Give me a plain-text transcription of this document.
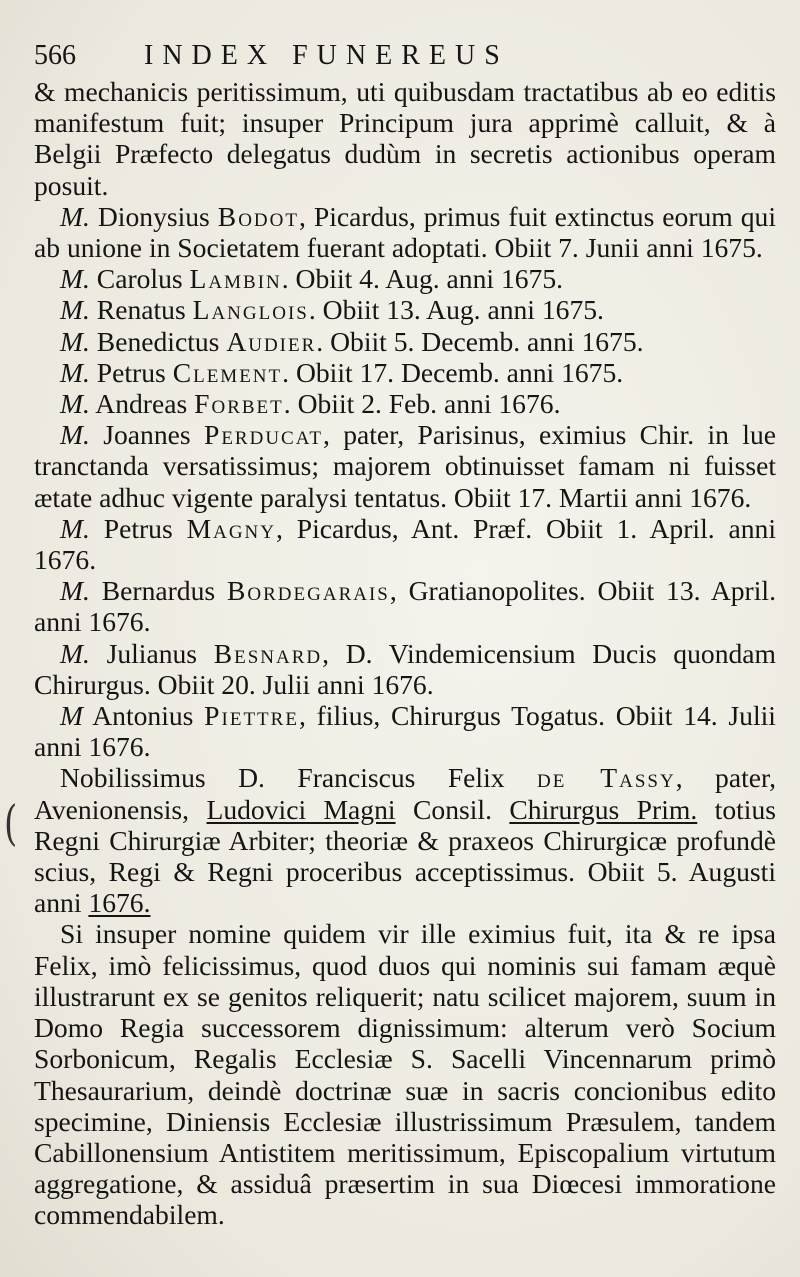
(
566	INDEX FUNEREUS

& mechanicis peritissimum, uti quibusdam tractatibus ab eo editis manifestum fuit; insuper Principum jura apprimè calluit, & à Belgii Præfecto delegatus dudùm in secretis actionibus operam posuit.

M. Dionysius Bodot, Picardus, primus fuit extinctus eorum qui ab unione in Societatem fuerant adoptati. Obiit 7. Junii anni 1675.

M. Carolus Lambin. Obiit 4. Aug. anni 1675.

M. Renatus Langlois. Obiit 13. Aug. anni 1675.

M. Benedictus Audier. Obiit 5. Decemb. anni 1675.

M. Petrus Clement. Obiit 17. Decemb. anni 1675.

M. Andreas Forbet. Obiit 2. Feb. anni 1676.

M. Joannes Perducat, pater, Parisinus, eximius Chir. in lue tranctanda versatissimus; majorem obtinuisset famam ni fuisset ætate adhuc vigente paralysi tentatus. Obiit 17. Martii anni 1676.

M. Petrus Magny, Picardus, Ant. Præf. Obiit 1. April. anni 1676.

M. Bernardus Bordegarais, Gratianopolites. Obiit 13. April. anni 1676.

M. Julianus Besnard, D. Vindemicensium Ducis quondam Chirurgus. Obiit 20. Julii anni 1676.

M Antonius Piettre, filius, Chirurgus Togatus. Obiit 14. Julii anni 1676.

Nobilissimus D. Franciscus Felix de Tassy, pater, Avenionensis, Ludovici Magni Consil. Chirurgus Prim. totius Regni Chirurgiæ Arbiter; theoriæ & praxeos Chirurgicæ profundè scius, Regi & Regni proceribus acceptissimus. Obiit 5. Augusti anni 1676.

Si insuper nomine quidem vir ille eximius fuit, ita & re ipsa Felix, imò felicissimus, quod duos qui nominis sui famam æquè illustrarunt ex se genitos reliquerit; natu scilicet majorem, suum in Domo Regia successorem dignissimum: alterum verò Socium Sorbonicum, Regalis Ecclesiæ S. Sacelli Vincennarum primò Thesaurarium, deindè doctrinæ suæ in sacris concionibus edito specimine, Diniensis Ecclesiæ illustrissimum Præsulem, tandem Cabillonensium Antistitem meritissimum, Episcopalium virtutum aggregatione, & assiduâ præsertim in sua Diœcesi immoratione commendabilem.
